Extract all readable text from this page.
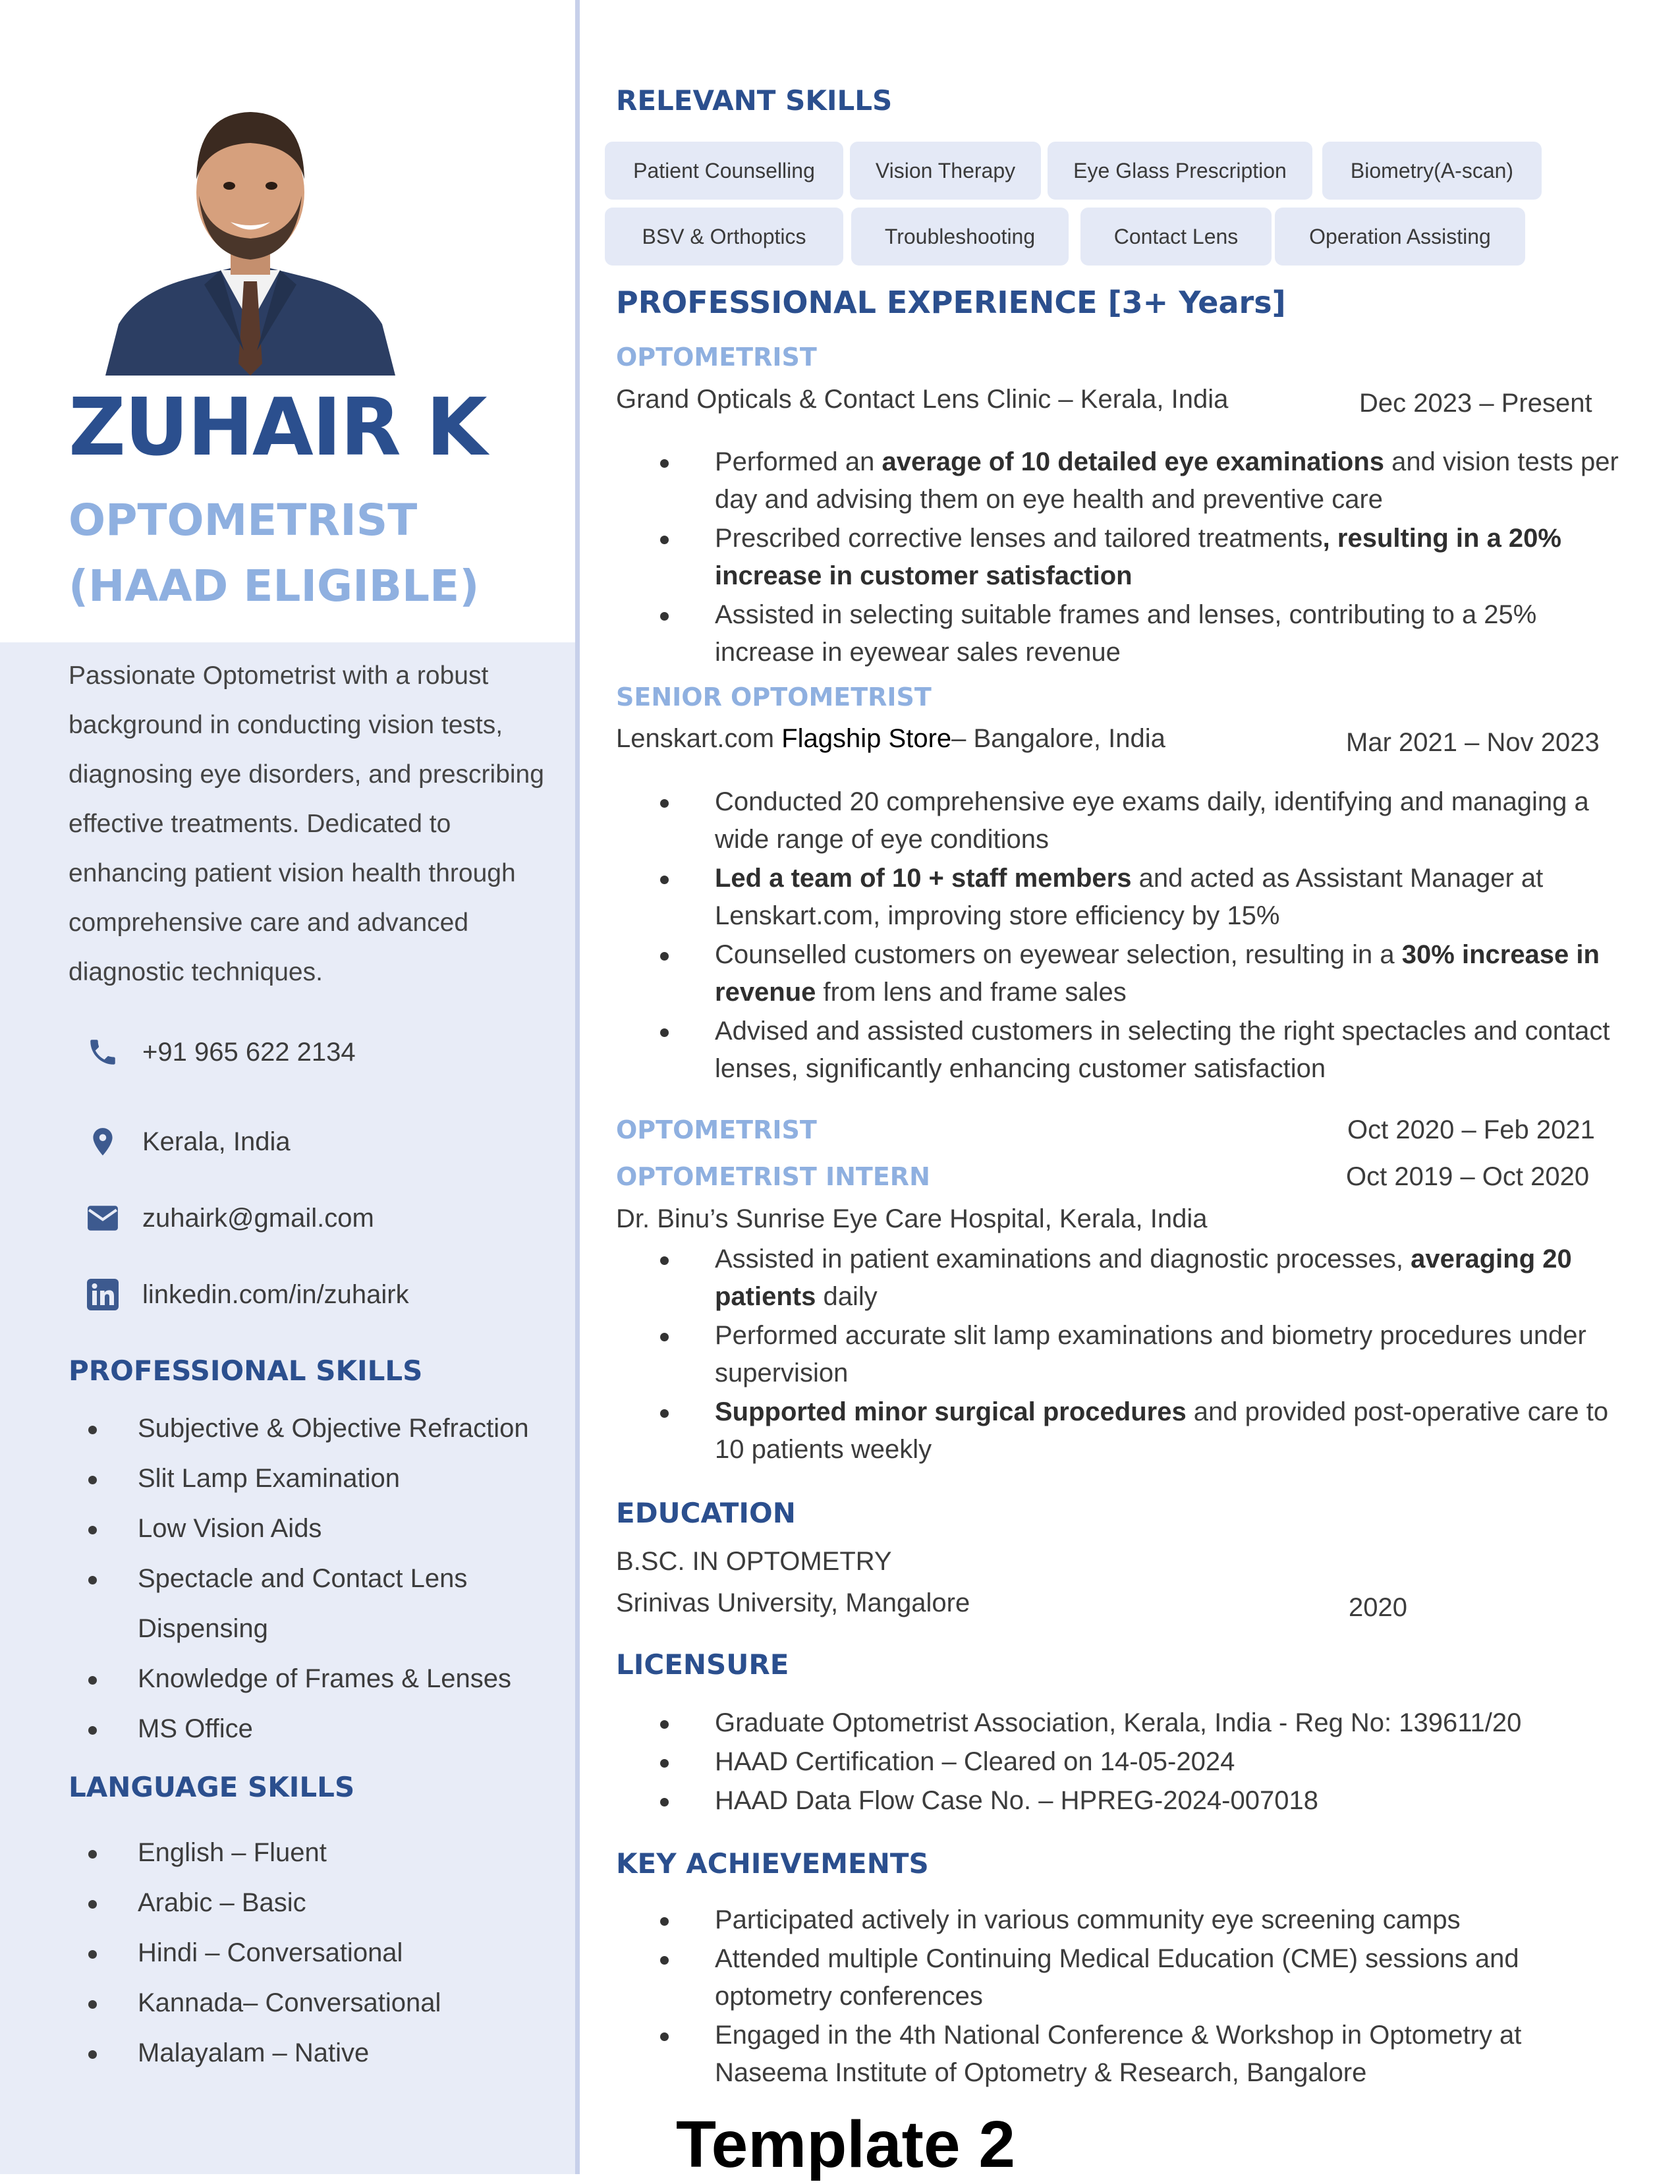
ZUHAIR K
OPTOMETRIST (HAAD ELIGIBLE)
Passionate Optometrist with a robust background in conducting vision tests, diagnosing eye disorders, and prescribing effective treatments. Dedicated to enhancing patient vision health through comprehensive care and advanced diagnostic techniques.
+91 965 622 2134
Kerala, India
zuhairk@gmail.com
linkedin.com/in/zuhairk
PROFESSIONAL SKILLS
Subjective & Objective Refraction
Slit Lamp Examination
Low Vision Aids
Spectacle and Contact Lens Dispensing
Knowledge of Frames & Lenses
MS Office
LANGUAGE SKILLS
English – Fluent
Arabic – Basic
Hindi – Conversational
Kannada– Conversational
Malayalam – Native
RELEVANT SKILLS
Patient Counselling	Vision Therapy	Eye Glass Prescription	Biometry(A-scan)
BSV & Orthoptics	Troubleshooting	Contact Lens	Operation Assisting
PROFESSIONAL EXPERIENCE [3+ Years]
OPTOMETRIST
Grand Opticals & Contact Lens Clinic – Kerala, India	Dec 2023 – Present
Performed an average of 10 detailed eye examinations and vision tests per day and advising them on eye health and preventive care
Prescribed corrective lenses and tailored treatments, resulting in a 20% increase in customer satisfaction
Assisted in selecting suitable frames and lenses, contributing to a 25% increase in eyewear sales revenue
SENIOR OPTOMETRIST
Lenskart.com Flagship Store– Bangalore, India	Mar 2021 – Nov 2023
Conducted 20 comprehensive eye exams daily, identifying and managing a wide range of eye conditions
Led a team of 10 + staff members and acted as Assistant Manager at Lenskart.com, improving store efficiency by 15%
Counselled customers on eyewear selection, resulting in a 30% increase in revenue from lens and frame sales
Advised and assisted customers in selecting the right spectacles and contact lenses, significantly enhancing customer satisfaction
OPTOMETRIST	Oct 2020 – Feb 2021
OPTOMETRIST INTERN	Oct 2019 – Oct 2020
Dr. Binu’s Sunrise Eye Care Hospital, Kerala, India
Assisted in patient examinations and diagnostic processes, averaging 20 patients daily
Performed accurate slit lamp examinations and biometry procedures under supervision
Supported minor surgical procedures and provided post-operative care to 10 patients weekly
EDUCATION
B.SC. IN OPTOMETRY
Srinivas University, Mangalore	2020
LICENSURE
Graduate Optometrist Association, Kerala, India - Reg No: 139611/20
HAAD Certification – Cleared on 14-05-2024
HAAD Data Flow Case No. – HPREG-2024-007018
KEY ACHIEVEMENTS
Participated actively in various community eye screening camps
Attended multiple Continuing Medical Education (CME) sessions and optometry conferences
Engaged in the 4th National Conference & Workshop in Optometry at Naseema Institute of Optometry & Research, Bangalore
Template 2
